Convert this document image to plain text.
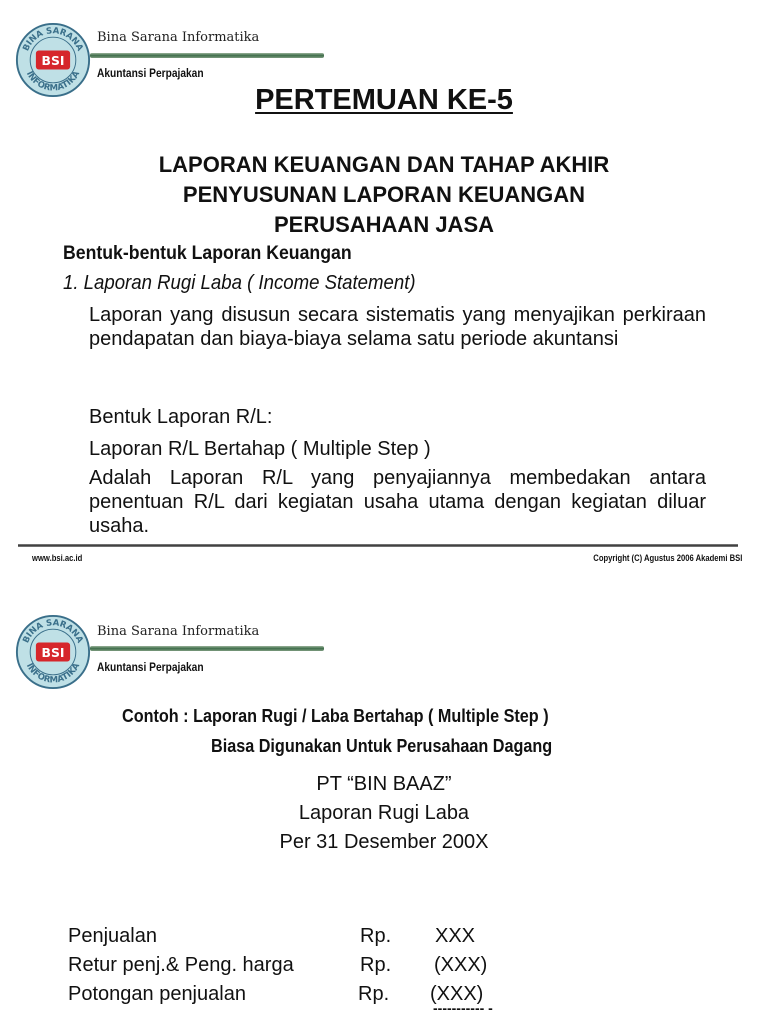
BINA SARANA
INFORMATIKA
BSI
Bina Sarana Informatika
Akuntansi Perpajakan
PERTEMUAN KE-5
LAPORAN KEUANGAN DAN TAHAP AKHIR
PENYUSUNAN LAPORAN KEUANGAN
PERUSAHAAN JASA
Bentuk-bentuk Laporan Keuangan
1. Laporan Rugi Laba ( Income Statement)
Laporan yang disusun secara sistematis yang menyajikan perkiraan pendapatan dan biaya-biaya selama satu periode akuntansi
Bentuk Laporan R/L:
Laporan R/L Bertahap ( Multiple Step )
Adalah Laporan R/L yang penyajiannya membedakan antara penentuan R/L dari kegiatan usaha utama dengan kegiatan diluar usaha.
www.bsi.ac.id	Copyright (C) Agustus 2006 Akademi BSI
BINA SARANA
INFORMATIKA
BSI
Bina Sarana Informatika
Akuntansi Perpajakan
Contoh : Laporan Rugi / Laba Bertahap ( Multiple Step )
Biasa Digunakan Untuk Perusahaan Dagang
PT “BIN BAAZ”
Laporan Rugi Laba
Per 31 Desember 200X
Penjualan	Rp. XXX
Retur penj.& Peng. harga	Rp. (XXX)
Potongan penjualan	Rp. (XXX)
----------- -
